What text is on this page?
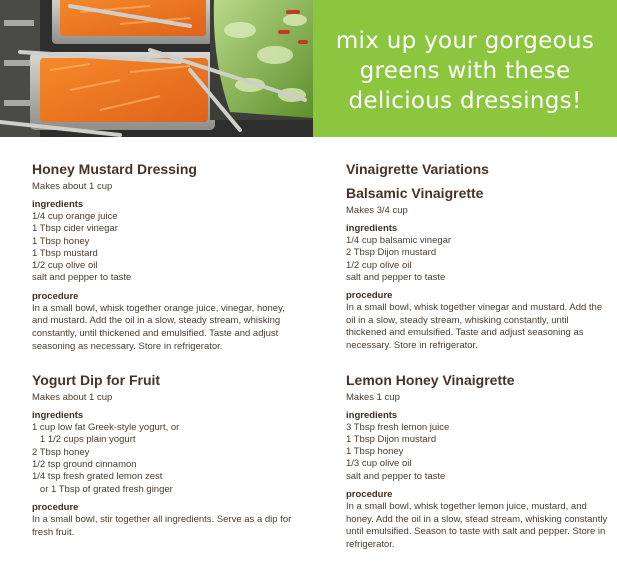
mix up your gorgeous
greens with these
delicious dressings!

Honey Mustard Dressing

Makes about 1 cup

ingredients

1/4 cup orange juice
1 Tbsp cider vinegar
1 Tbsp honey
1 Tbsp mustard
1/2 cup olive oil
salt and pepper to taste

procedure

In a small bowl, whisk together orange juice, vinegar, honey, and mustard. Add the oil in a slow, steady stream, whisking constantly, until thickened and emulsified. Taste and adjust seasoning as necessary. Store in refrigerator.

Yogurt Dip for Fruit

Makes about 1 cup

ingredients

1 cup low fat Greek-style yogurt, or
1 1/2 cups plain yogurt
2 Tbsp honey
1/2 tsp ground cinnamon
1/4 tsp fresh grated lemon zest
or 1 Tbsp of grated fresh ginger

procedure

In a small bowl, stir together all ingredients. Serve as a dip for fresh fruit.

Vinaigrette Variations

Balsamic Vinaigrette

Makes 3/4 cup

ingredients

1/4 cup balsamic vinegar
2 Tbsp Dijon mustard
1/2 cup olive oil
salt and pepper to taste

procedure

In a small bowl, whisk together vinegar and mustard. Add the oil in a slow, steady stream, whisking constantly, until thickened and emulsified. Taste and adjust seasoning as necessary. Store in refrigerator.

Lemon Honey Vinaigrette

Makes 1 cup

ingredients

3 Tbsp fresh lemon juice
1 Tbsp Dijon mustard
1 Tbsp honey
1/3 cup olive oil
salt and pepper to taste

procedure

In a small bowl, whisk together lemon juice, mustard, and honey. Add the oil in a slow, stead stream, whisking constantly until emulsified. Season to taste with salt and pepper. Store in refrigerator.
